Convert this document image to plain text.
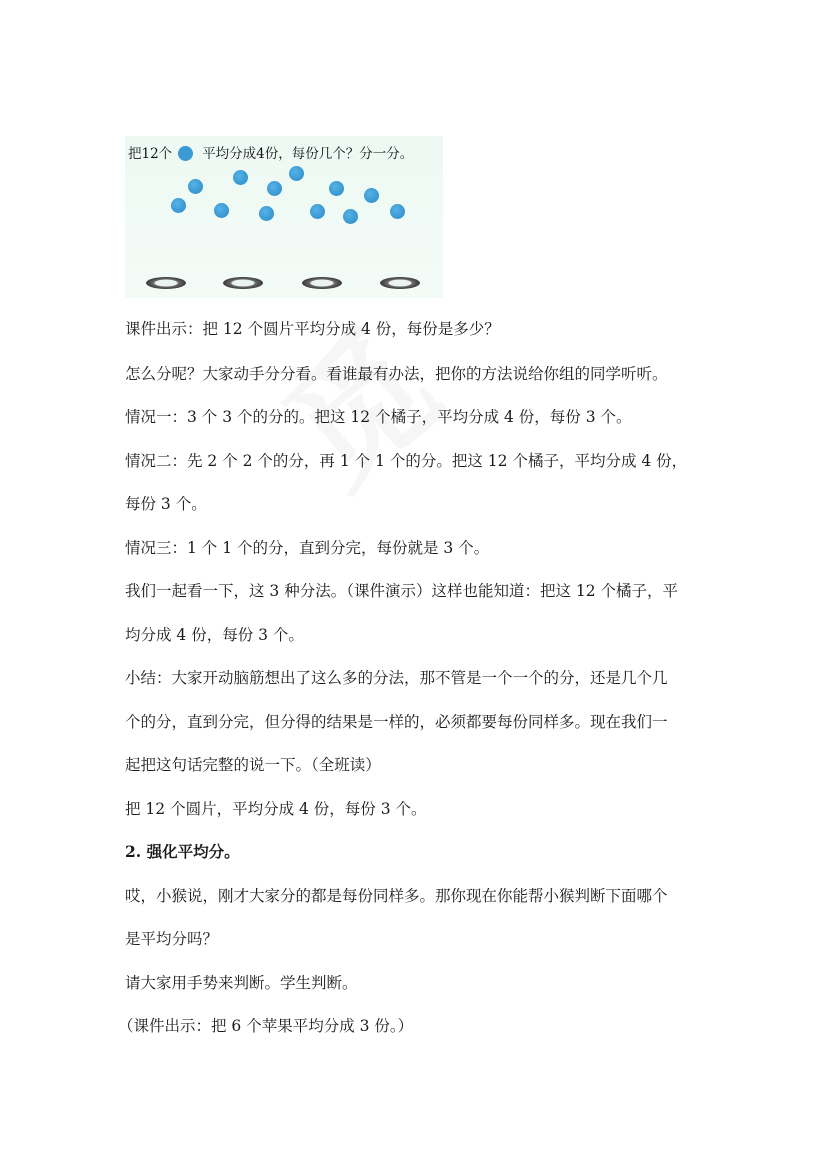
把12个 平均分成4份，每份几个？分一分。
课件出示：把 12 个圆片平均分成 4 份，每份是多少？
怎么分呢？大家动手分分看。看谁最有办法，把你的方法说给你组的同学听听。
情况一：3 个 3 个的分的。把这 12 个橘子，平均分成 4 份，每份 3 个。
情况二：先 2 个 2 个的分，再 1 个 1 个的分。把这 12 个橘子，平均分成 4 份，
每份 3 个。
情况三：1 个 1 个的分，直到分完，每份就是 3 个。
我们一起看一下，这 3 种分法。（课件演示）这样也能知道：把这 12 个橘子，平
均分成 4 份，每份 3 个。
小结：大家开动脑筋想出了这么多的分法，那不管是一个一个的分，还是几个几
个的分，直到分完，但分得的结果是一样的，必须都要每份同样多。现在我们一
起把这句话完整的说一下。（全班读）
把 12 个圆片，平均分成 4 份，每份 3 个。
2. 强化平均分。
哎，小猴说，刚才大家分的都是每份同样多。那你现在你能帮小猴判断下面哪个
是平均分吗？
请大家用手势来判断。学生判断。
（课件出示：把 6 个苹果平均分成 3 份。）
